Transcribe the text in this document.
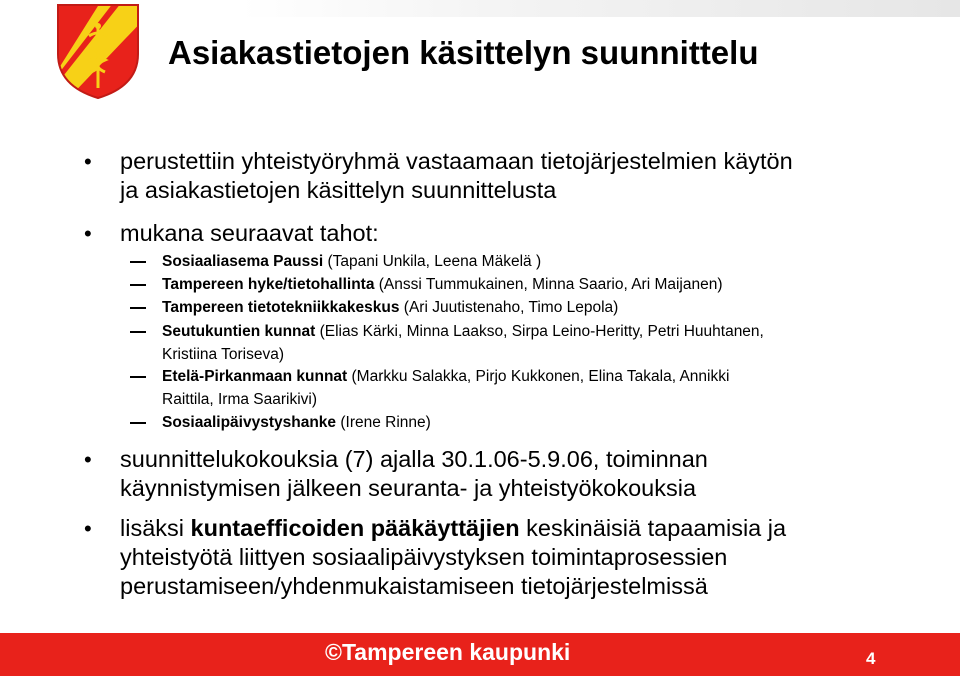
Asiakastietojen käsittelyn suunnittelu
• perustettiin yhteistyöryhmä vastaamaan tietojärjestelmien käytön
ja asiakastietojen käsittelyn suunnittelusta
• mukana seuraavat tahot:
Sosiaaliasema Paussi (Tapani Unkila, Leena Mäkelä )
Tampereen hyke/tietohallinta (Anssi Tummukainen, Minna Saario, Ari Maijanen)
Tampereen tietotekniikkakeskus (Ari Juutistenaho, Timo Lepola)
Seutukuntien kunnat (Elias Kärki, Minna Laakso, Sirpa Leino-Heritty, Petri Huuhtanen,
Kristiina Toriseva)
Etelä-Pirkanmaan kunnat (Markku Salakka, Pirjo Kukkonen, Elina Takala, Annikki
Raittila, Irma Saarikivi)
Sosiaalipäivystyshanke (Irene Rinne)
• suunnittelukokouksia (7) ajalla 30.1.06-5.9.06, toiminnan
käynnistymisen jälkeen seuranta- ja yhteistyökokouksia
• lisäksi kuntaefficoiden pääkäyttäjien keskinäisiä tapaamisia ja
yhteistyötä liittyen sosiaalipäivystyksen toimintaprosessien
perustamiseen/yhdenmukaistamiseen tietojärjestelmissä
©Tampereen kaupunki	4
